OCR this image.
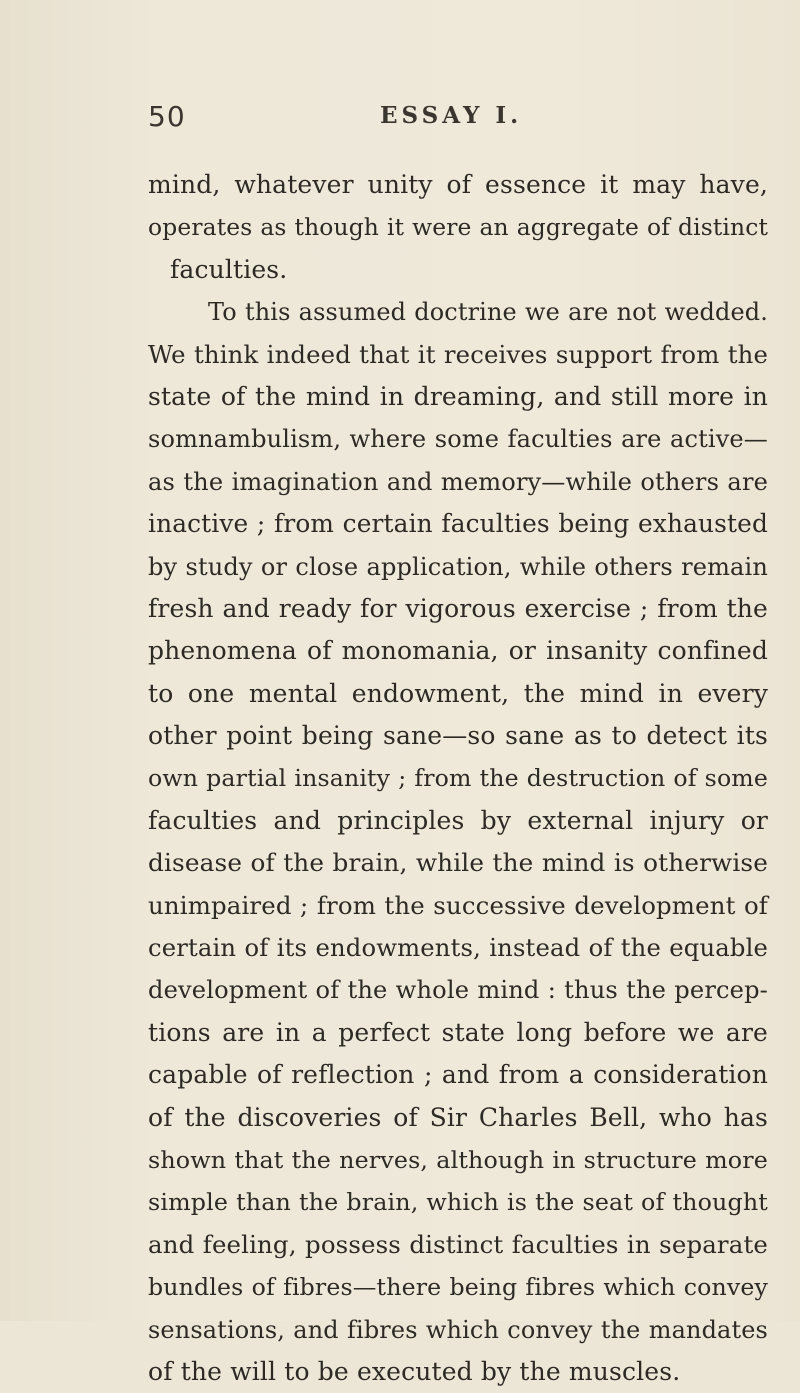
50	ESSAY I.
mind, whatever unity of essence it may have,
operates as though it were an aggregate of distinct
faculties.
To this assumed doctrine we are not wedded.
We think indeed that it receives support from the
state of the mind in dreaming, and still more in
somnambulism, where some faculties are active—
as the imagination and memory—while others are
inactive ; from certain faculties being exhausted
by study or close application, while others remain
fresh and ready for vigorous exercise ; from the
phenomena of monomania, or insanity confined
to one mental endowment, the mind in every
other point being sane—so sane as to detect its
own partial insanity ; from the destruction of some
faculties and principles by external injury or
disease of the brain, while the mind is otherwise
unimpaired ; from the successive development of
certain of its endowments, instead of the equable
development of the whole mind : thus the percep-
tions are in a perfect state long before we are
capable of reflection ; and from a consideration
of the discoveries of Sir Charles Bell, who has
shown that the nerves, although in structure more
simple than the brain, which is the seat of thought
and feeling, possess distinct faculties in separate
bundles of fibres—there being fibres which convey
sensations, and fibres which convey the mandates
of the will to be executed by the muscles.
